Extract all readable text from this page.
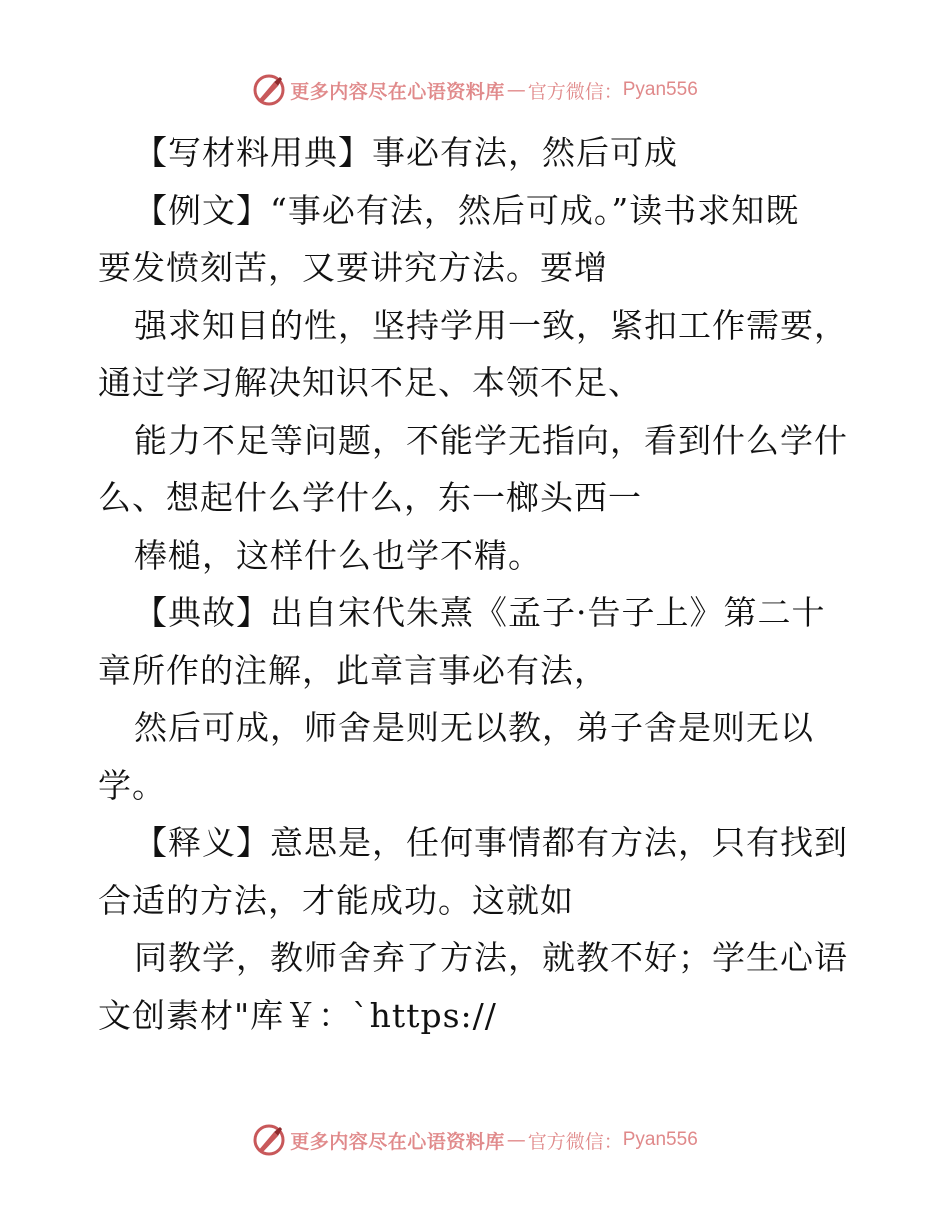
更多内容尽在心语资料库 — 官方微信： Pyan556
【写材料用典】事必有法，然后可成
【例文】“事必有法，然后可成。”读书求知既
要发愤刻苦，又要讲究方法。要增
强求知目的性，坚持学用一致，紧扣工作需要，
通过学习解决知识不足、本领不足、
能力不足等问题，不能学无指向，看到什么学什
么、想起什么学什么，东一榔头西一
棒槌，这样什么也学不精。
【典故】出自宋代朱熹《孟子·告子上》第二十
章所作的注解，此章言事必有法，
然后可成，师舍是则无以教，弟子舍是则无以
学。
【释义】意思是，任何事情都有方法，只有找到
合适的方法，才能成功。这就如
同教学，教师舍弃了方法，就教不好；学生心语
文创素材"库￥：`https://
更多内容尽在心语资料库 — 官方微信： Pyan556
